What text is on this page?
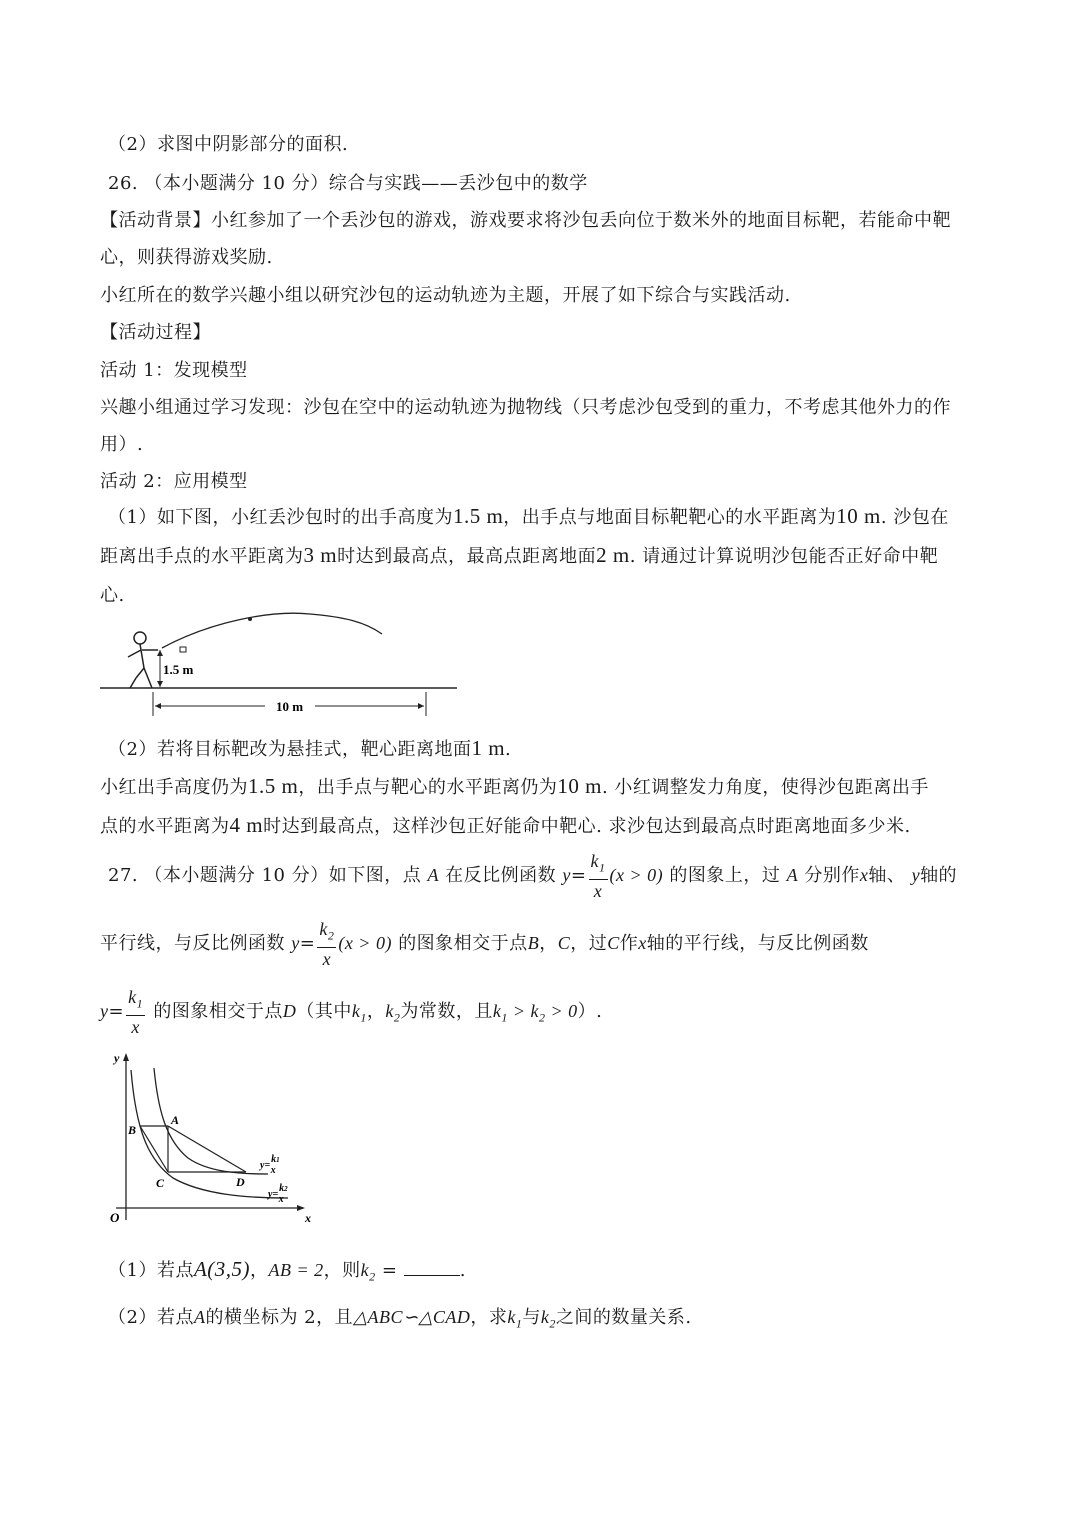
（2）求图中阴影部分的面积.
26. （本小题满分 10 分）综合与实践——丢沙包中的数学
【活动背景】小红参加了一个丢沙包的游戏，游戏要求将沙包丢向位于数米外的地面目标靶，若能命中靶
心，则获得游戏奖励.
小红所在的数学兴趣小组以研究沙包的运动轨迹为主题，开展了如下综合与实践活动.
【活动过程】
活动 1：发现模型
兴趣小组通过学习发现：沙包在空中的运动轨迹为抛物线（只考虑沙包受到的重力，不考虑其他外力的作
用）.
活动 2：应用模型
（1）如下图，小红丢沙包时的出手高度为1.5 m，出手点与地面目标靶靶心的水平距离为10 m. 沙包在
距离出手点的水平距离为3 m时达到最高点，最高点距离地面2 m. 请通过计算说明沙包能否正好命中靶
心.
1.5 m
10 m
（2）若将目标靶改为悬挂式，靶心距离地面1 m.
小红出手高度仍为1.5 m，出手点与靶心的水平距离仍为10 m. 小红调整发力角度，使得沙包距离出手
点的水平距离为4 m时达到最高点，这样沙包正好能命中靶心. 求沙包达到最高点时距离地面多少米.
27. （本小题满分 10 分）如下图，点 A 在反比例函数 $y= \frac{k_1}{x} (x > 0)$ 的图象上，过 A 分别作x轴、 y轴的
平行线，与反比例函数 $y= \frac{k_2}{x} (x > 0)$ 的图象相交于点B，C，过C作x轴的平行线，与反比例函数
$y= \frac{k_1}{x}$ 的图象相交于点D（其中$k_1$，$k_2$为常数，且$k_1 > k_2 > 0$）.
y
x
O
A
B
C	D
y=k1 x
y=k2 x
（1）若点A(3,5)，AB = 2，则$k_2$ =	.
（2）若点A的横坐标为 2，且△ABC∽△CAD，求$k_1$与$k_2$之间的数量关系.
